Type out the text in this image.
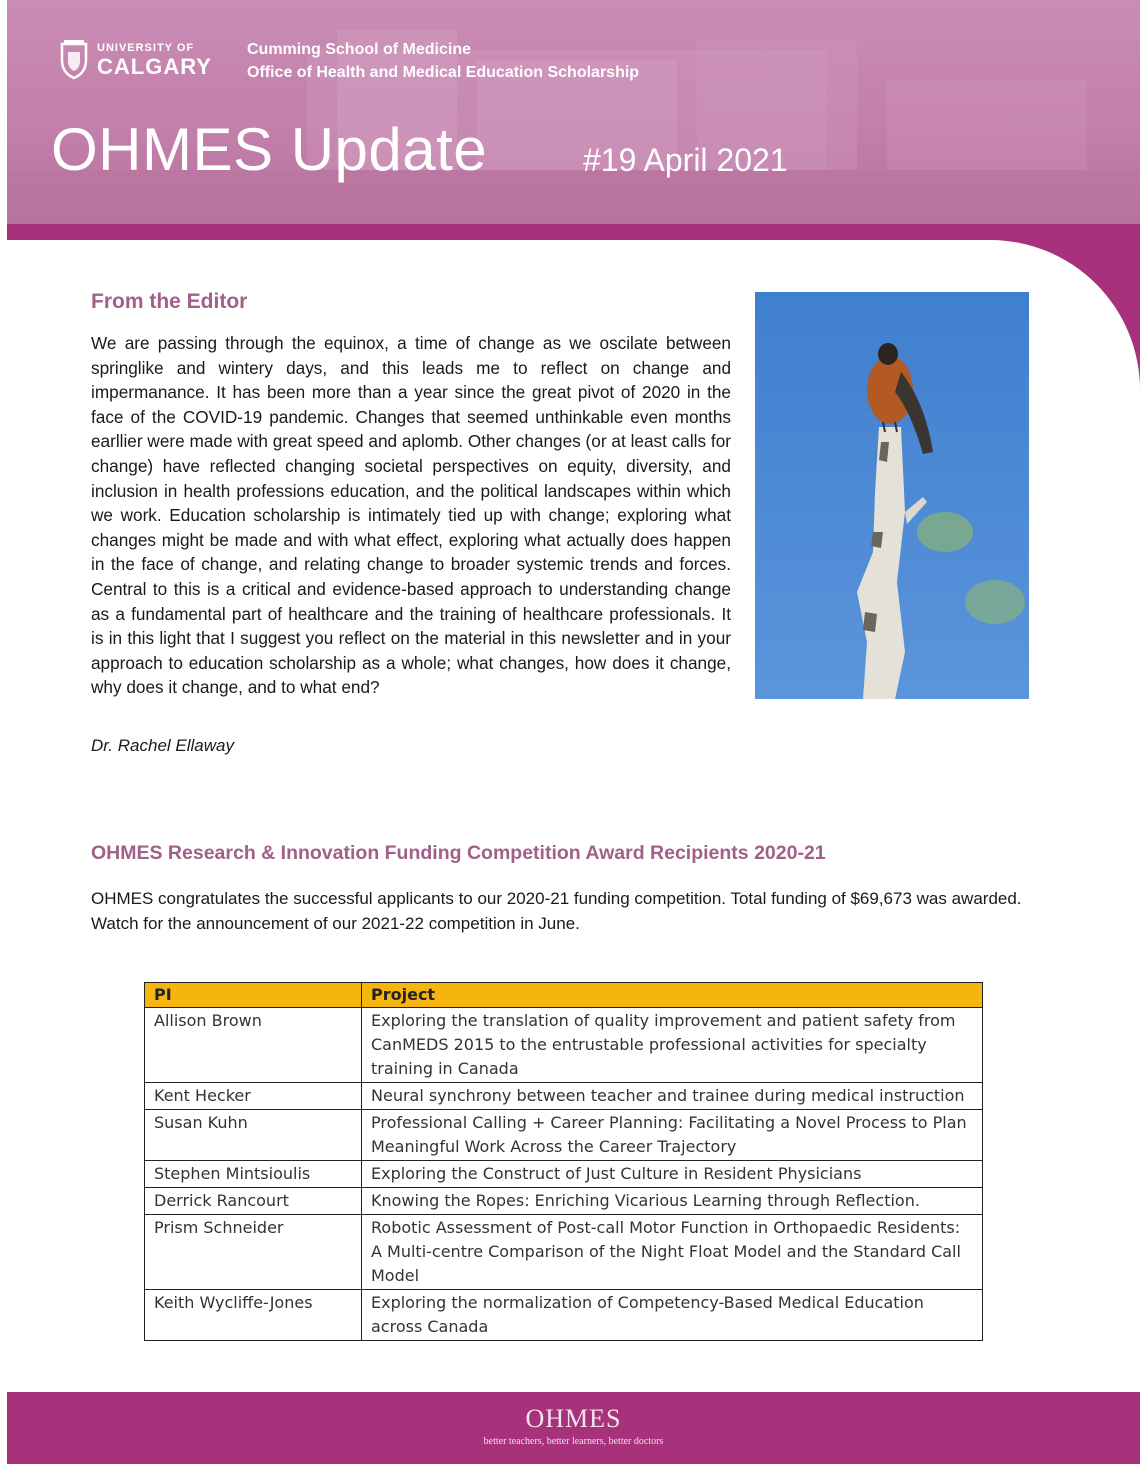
UNIVERSITY OF
CALGARY
Cumming School of Medicine
Office of Health and Medical Education Scholarship
OHMES Update	#19 April 2021
From the Editor
We are passing through the equinox, a time of change as we oscilate between springlike and wintery days, and this leads me to reflect on change and impermanance. It has been more than a year since the great pivot of 2020 in the face of the COVID-19 pandemic. Changes that seemed unthinkable even months earllier were made with great speed and aplomb. Other changes (or at least calls for change) have reflected changing societal perspectives on equity, diversity, and inclusion in health professions education, and the political landscapes within which we work. Education scholarship is intimately tied up with change; exploring what changes might be made and with what effect, exploring what actually does happen in the face of change, and relating change to broader systemic trends and forces. Central to this is a critical and evidence-based approach to understanding change as a fundamental part of healthcare and the training of healthcare professionals. It is in this light that I suggest you reflect on the material in this newsletter and in your approach to education scholarship as a whole; what changes, how does it change, why does it change, and to what end?
Dr. Rachel Ellaway
OHMES Research & Innovation Funding Competition Award Recipients 2020-21
OHMES congratulates the successful applicants to our 2020-21 funding competition. Total funding of $69,673 was awarded. Watch for the announcement of our 2021-22 competition in June.
PI	Project
Allison Brown	Exploring the translation of quality improvement and patient safety from CanMEDS 2015 to the entrustable professional activities for specialty training in Canada
Kent Hecker	Neural synchrony between teacher and trainee during medical instruction
Susan Kuhn	Professional Calling + Career Planning: Facilitating a Novel Process to Plan Meaningful Work Across the Career Trajectory
Stephen Mintsioulis	Exploring the Construct of Just Culture in Resident Physicians
Derrick Rancourt	Knowing the Ropes: Enriching Vicarious Learning through Reflection.
Prism Schneider	Robotic Assessment of Post-call Motor Function in Orthopaedic Residents: A Multi-centre Comparison of the Night Float Model and the Standard Call Model
Keith Wycliffe-Jones	Exploring the normalization of Competency-Based Medical Education across Canada
OHMES
better teachers, better learners, better doctors
